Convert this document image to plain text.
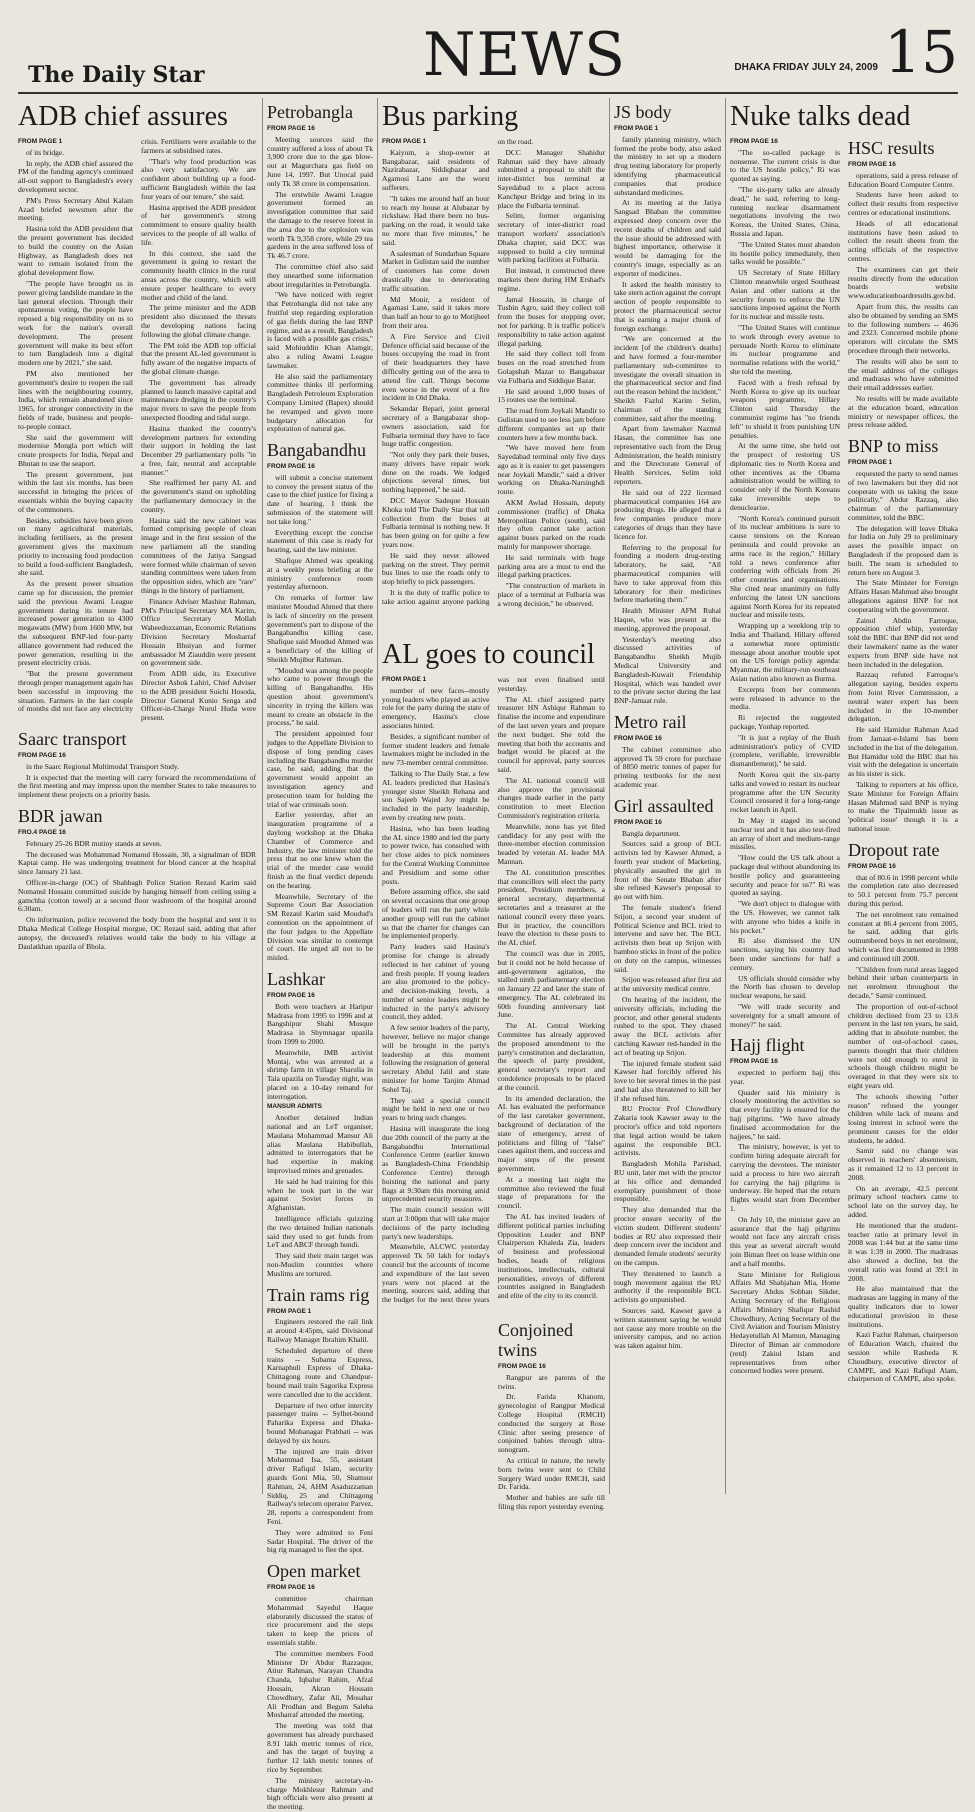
The Daily Star	NEWS	DHAKA FRIDAY JULY 24, 2009 15
ADB chief assures
FROM PAGE 1

of its bridge.

In reply, the ADB chief assured the PM of the funding agency's continued all-out support to Bangladesh's every development sector.

PM's Press Secretary Abul Kalam Azad briefed newsmen after the meeting.

Hasina told the ADB president that the present government has decided to build the country on the Asian Highway, as Bangladesh does not want to remain isolated from the global development flow.

"The people have brought us in power giving landslide mandate in the last general election. Through their spontaneous voting, the people have reposed a big responsibility on us to work for the nation's overall development. The present government will make its best effort to turn Bangladesh into a digital modern one by 2021," she said.

PM also mentioned her government's desire to reopen the rail lines with the neighbouring country, India, which remain abandoned since 1965, for stronger connectivity in the fields of trade, business and people-to-people contact.

She said the government will modernise Mongla port which will create prospects for India, Nepal and Bhutan to use the seaport.

The present government, just within the last six months, has been successful in bringing the prices of essentials within the buying capacity of the commoners.

Besides, subsidies have been given on many agricultural materials, including fertilisers, as the present government gives the maximum priority to increasing food production to build a food-sufficient Bangladesh, she said.

As the present power situation came up for discussion, the premier said the previous Awami League government during its tenure had increased power generation to 4300 megawatts (MW) from 1600 MW, but the subsequent BNP-led four-party alliance government had reduced the power generation, resulting in the present electricity crisis.

"But the present government through proper management again has been successful in improving the situation. Farmers in the last couple of months did not face any electricity crisis. Fertilisers were available to the farmers at subsidised rates.

"That's why food production was also very satisfactory. We are confident about building up a food-sufficient Bangladesh within the last four years of our tenure," she said.

Hasina apprised the ADB president of her government's strong commitment to ensure quality health services to the people of all walks of life.

In this context, she said the government is going to restart the community health clinics in the rural areas across the country, which will ensure proper healthcare to every mother and child of the land.

The prime minister and the ADB president also discussed the threats the developing nations facing following the global climate change.

The PM told the ADB top official that the present AL-led government is fully aware of the negative impacts of the global climate change.

The government has already planned to launch massive capital and maintenance dredging in the country's major rivers to save the people from unexpected flooding and tidal surge.

Hasina thanked the country's development partners for extending their support in holding the last December 29 parliamentary polls "in a free, fair, neutral and acceptable manner."

She reaffirmed her party AL and the government's stand on upholding the parliamentary democracy in the country.

Hasina said the new cabinet was formed comprising people of clean image and in the first session of the new parliament all the standing committees of the Jatiya Sangsad were formed while chairman of seven standing committees were taken from the opposition sides, which are "rare" things in the history of parliament.

Finance Adviser Mashiur Rahman, PM's Principal Secretary MA Karim, Office Secretary Mollah Waheeduzzaman, Economic Relations Division Secretary Mosharraf Hossain Bhuiyan and former ambassador M Ziauddin were present on government side.

From ADB side, its Executive Director Ashok Lahiri, Chief Adviser to the ADB president Suichi Hosoda, Director General Kunio Senga and Officer-in-Charge Nurul Huda were present.

Saarc transport
FROM PAGE 16

in the Saarc Regional Multimodal Transport Study.

It is expected that the meeting will carry forward the recommendations of the first meeting and may impress upon the member States to take measures to implement these projects on a priority basis.

BDR jawan
FRO.4 PAGE 16

February 25-26 BDR mutiny stands at seven.

The deceased was Mohammad Nomanul Hossain, 30, a signalman of BDR Kaptai camp. He was undergoing treatment for blood cancer at the hospital since January 21 last.

Officer-in-charge (OC) of Shahbagh Police Station Rezaul Karim said Nomanul Hossain committed suicide by hanging himself from ceiling using a gamchha (cotton towel) at a second floor washroom of the hospital around 6:30am.

On information, police recovered the body from the hospital and sent it to Dhaka Medical College Hospital morgue, OC Rezaul said, adding that after autopsy, the deceased's relatives would take the body to his village at Daulatkhan upazila of Bhola.

Petrobangla
FROM PAGE 16

Meeting sources said the country suffered a loss of about Tk 3,900 crore due to the gas blow-out at Magurchara gas field on June 14, 1997. But Unocal paid only Tk 38 crore in compensation.

The erstwhile Awami League government formed an investigation committee that said the damage to the reserve forest in the area due to the explosion was worth Tk 9,358 crore, while 29 tea gardens in the area suffered loss of Tk 46.7 crore.

The committee chief also said they unearthed some information about irregularities in Petrobangla.

"We have noticed with regret that Petrobangla did not take any fruitful step regarding exploration of gas fields during the last BNP regime, and as a result, Bangladesh is faced with a possible gas crisis," said Mohiuddin Khan Alamgir, also a ruling Awami League lawmaker.

He also said the parliamentary committee thinks ill performing Bangladesh Petroleum Exploration Company Limited (Bapex) should be revamped and given more budgetary allocation for exploration of natural gas.

Bangabandhu
FROM PAGE 16

will submit a concise statement to convey the present status of the case to the chief justice for fixing a date of hearing. I think the submission of the statement will not take long."

Everything except the concise statement of this case is ready for hearing, said the law minister.

Shafique Ahmed was speaking at a weekly press briefing at the ministry conference room yesterday afternoon.

On remarks of former law minister Moudud Ahmed that there is lack of sincerity on the present government's part to dispose of the Bangabandhu killing case, Shafique said Moudud Ahmed was a beneficiary of the killing of Sheikh Mujibur Rahman.

"Moudud was among the people who came to power through the killing of Bangabandhu. His question about government's sincerity in trying the killers was meant to create an obstacle in the process," he said.

The president appointed four judges to the Appellate Division to dispose of long pending cases including the Bangabandhu murder case, he said, adding that the government would appoint an investigation agency and prosecution team for holding the trial of war criminals soon.

Earlier yesterday, after an inauguration programme of a daylong workshop at the Dhaka Chamber of Commerce and Industry, the law minister told the press that no one knew when the trial of the murder case would finish as the final verdict depends on the hearing.

Meanwhile, Secretary of the Supreme Court Bar Association SM Rezaul Karim said Moudud's contention on the appointment of the four judges to the Appellate Division was similar to contempt of court. He urged all not to be misled.

Lashkar
FROM PAGE 16

Both were teachers at Haripur Madrasa from 1995 to 1996 and at Bangshipur Shahi Mosque Madrasa in Shymnagar upazila from 1999 to 2000.

Meanwhile, IMB activist Montaj, who was arrested at a shrimp farm in village Sharulia in Tala upazila on Tuesday night, was placed on a 10-day remand for interrogation.

MANSUR ADMITS

Another detained Indian national and an LeT organiser, Maulana Mohammad Mansur Ali alias Maulana Habibullah, admitted to interrogators that he had expertise in making improvised mines and grenades.

He said he had training for this when he took part in the war against Soviet forces in Afghanistan.

Intelligence officials quizzing the two detained Indian nationals said they used to get funds from LeT and ABCF through hundi.

They said their main target was non-Muslim countries where Muslims are tortured.

Train rams rig
FROM PAGE 1

Engineers restored the rail link at around 4:45pm, said Divisional Railway Manager Ibrahim Khalil.

Scheduled departure of three trains -- Subarna Express, Karnaphuli Express of Dhaka-Chittagong route and Chandpur-bound mail train Sagorika Express were cancelled due to the accident.

Departure of two other intercity passenger trains -- Sylhet-bound Paharika Express and Dhaka-bound Mohanagar Prabhati -- was delayed by six hours.

The injured are train driver Mohammad Isa, 55, assistant driver Rafiqul Islam, security guards Goni Mia, 50, Shamsur Rahman, 24, AHM Asaduzzaman Siddiq, 25 and Chittagong Railway's telecom operator Parvez, 28, reports a correspondent from Feni.

They were admitted to Feni Sadar Hospital. The driver of the big rig managed to flee the spot.

Open market
FROM PAGE 16

committee chairman Mohammad Sayedul Haque elaborately discussed the status of rice procurement and the steps taken to keep the prices of essentials stable.

The committee members Food Minister Dr Abdur Razzaque, Atiur Rahman, Narayan Chandra Chanda, Iqbalur Rahim, Afzal Hossain, Akran Hossain Chowdhury, Zafar Ali, Mosahar Ali Prodhan and Begum Saleha Mosharraf attended the meeting.

The meeting was told that government has already purchased 8.91 lakh metric tonnes of rice, and has the target of buying a further 12 lakh metric tonnes of rice by September.

The ministry secretary-in-charge Mokhlesur Rahman and high officials were also present at the meeting.

Bus parking
FROM PAGE 1

Kaiyum, a shop-owner at Bangabazar, said residents of Nazirabazar, Siddiqbazar and Agamosi Lane are the worst sufferers.

"It takes me around half an hour to reach my house at Alubazar by rickshaw. Had there been no bus-parking on the road, it would take no more than five minutes," he said.

A salesman of Sundarban Square Market in Gulistan said the number of customers has come down drastically due to deteriorating traffic situation.

Md Monir, a resident of Agamasi Lane, said it takes more than half an hour to go to Motijheel from their area.

A Fire Service and Civil Defence official said because of the buses occupying the road in front of their headquarters they have difficulty getting out of the area to attend fire call. Things become even worse in the event of a fire incident in Old Dhaka.

Sekandar Bepari, joint general secretary of a Bangabazar shop-owners association, said for Fulbaria terminal they have to face huge traffic congestion.

"Not only they park their buses, many drivers have repair work done on the roads. We lodged objections several times, but nothing happened," he said.

DCC Mayor Sadeque Hossain Khoka told The Daily Star that toll collection from the buses at Fulbaria terminal is nothing new. It has been going on for quite a few years now.

He said they never allowed parking on the street. They permit bus lines to use the roads only to stop briefly to pick passengers.

It is the duty of traffic police to take action against anyone parking on the road.

DCC Manager Shahidur Rahman said they have already submitted a proposal to shift the inter-district bus terminal at Sayedabad to a place across Kanchpur Bridge and bring in its place the Fulbaria terminal.

Selim, former organising secretary of inter-district road transport workers' association's Dhaka chapter, said DCC was supposed to build a city terminal with parking facilities at Fulbaria.

But instead, it constructed three markets there during HM Ershad's regime.

Jamal Hossain, in charge of Tushin Agro, said they collect toll from the buses for stopping over, not for parking. It is traffic police's responsibility to take action against illegal parking.

He said they collect toll from buses on the road stretched from Golapshah Mazar to Bangabazar via Fulbaria and Siddique Bazar.

He said around 1,000 buses of 15 routes use the terminal.

The road from Joykali Mandir to Gulistan used to see less jam before different companies set up their counters here a few months back.

"We have moved here from Sayedabad terminal only five days ago as it is easier to get passengers near Joykali Mandir," said a driver working on Dhaka-Narsinghdi route.

AKM Awlad Hossain, deputy commissioner (traffic) of Dhaka Metropolitan Police (south), said they often cannot take action against buses parked on the roads mainly for manpower shortage.

He said terminals with huge parking area are a must to end the illegal parking practices.

"The construction of markets in place of a terminal at Fulbaria was a wrong decision," he observed.

AL goes to council
FROM PAGE 1

number of new faces--mostly young leaders who played an active role for the party during the state of emergency, Hasina's close associates hinted.

Besides, a significant number of former student leaders and female lawmakers might be included in the new 73-member central committee.

Talking to The Daily Star, a few AL leaders predicted that Hasina's younger sister Sheikh Rehana and son Sajeeb Wajed Joy might be included in the party leadership, even by creating new posts.

Hasina, who has been leading the AL since 1980 and led the party to power twice, has consulted with her close aides to pick nominees for the Central Working Committee and Presidium and some other posts.

Before assuming office, she said on several occasions that one group of leaders will run the party while another group will run the cabinet so that the charter for changes can be implemented properly.

Party leaders said Hasina's promise for change is already reflected in her cabinet of young and fresh people. If young leaders are also promoted to the policy- and decision-making levels, a number of senior leaders might be inducted in the party's advisory council, they added.

A few senior leaders of the party, however, believe no major change will be brought in the party's leadership at this moment following the resignation of general secretary Abdul Jalil and state minister for home Tanjim Ahmad Sohel Taj.

They said a special council might be held in next one or two years to bring such changes.

Hasina will inaugurate the long due 20th council of the party at the Bangabandhu International Conference Centre (earlier known as Bangladesh-China Friendship Conference Centre) through hoisting the national and party flags at 9:30am this morning amid unprecedented security measures.

The main council session will start at 3:00pm that will take major decisions of the party including party's new leaderships.

Meanwhile, ALCWC yesterday approved Tk 50 lakh for today's council but the accounts of income and expenditure of the last seven years were not placed at the meeting, sources said, adding that the budget for the next three years was not even finalised until yesterday.

The AL chief assigned party treasurer HN Ashiqur Rahman to finalise the income and expenditure of the last seven years and prepare the next budget. She told the meeting that both the accounts and budget would be placed at the council for approval, party sources said.

The AL national council will also approve the provisional changes made earlier in the party constitution to meet Election Commission's registration criteria.

Meanwhile, none has yet filed candidacy for any post with the three-member election commission headed by veteran AL leader MA Mannan.

The AL constitution prescribes that councillors will elect the party president, Presidium members, a general secretary, departmental secretaries and a treasurer at the national council every three years. But in practice, the councillors leave the election to these posts to the AL chief.

The council was due in 2005, but it could not be held because of anti-government agitation, the stalled ninth parliamentary election on January 22 and later the state of emergency. The AL celebrated its 60th founding anniversary last June.

The AL Central Working Committee has already approved the proposed amendment to the party's constitution and declaration, the speech of party president, general secretary's report and condolence proposals to be placed at the council.

In its amended declaration, the AL has evaluated the performance of the last caretaker government, background of declaration of the state of emergency, arrest of politicians and filing of "false" cases against them, and success and major steps of the present government.

At a meeting last night the committee also reviewed the final stage of preparations for the council.

The AL has invited leaders of different political parties including Opposition Leader and BNP Chairperson Khaleda Zia, leaders of business and professional bodies, heads of religious institutions, intellectuals, cultural personalities, envoys of different countries assigned in Bangladesh and elite of the city to its council.

JS body
FROM PAGE 1

family planning ministry, which formed the probe body, also asked the ministry to set up a modern drug testing laboratory for properly identifying pharmaceutical companies that produce substandard medicines.

At its meeting at the Jatiya Sangsad Bhaban the committee expressed deep concern over the recent deaths of children and said the issue should be addressed with highest importance, otherwise it would be damaging for the country's image, especially as an exporter of medicines.

It asked the health ministry to take stern action against the corrupt section of people responsible to protect the pharmaceutical sector that is earning a major chunk of foreign exchange.

"We are concerned at the incident [of the children's deaths] and have formed a four-member parliamentary sub-committee to investigate the overall situation in the pharmaceutical sector and find out the reason behind the incident," Sheikh Fazlul Karim Selim, chairman of the standing committee, said after the meeting.

Apart from lawmaker Nazmul Hasan, the committee has one representative each from the Drug Administration, the health ministry and the Directorate General of Health Services, Selim told reporters.

He said out of 222 licensed pharmaceutical companies 164 are producing drugs. He alleged that a few companies produce more categories of drugs than they have licence for.

Referring to the proposal for founding a modern drug-testing laboratory, he said, "All pharmaceutical companies will have to take approval from this laboratory for their medicines before marketing them."

Health Minister AFM Ruhal Haque, who was present at the meeting, approved the proposal.

Yesterday's meeting also discussed activities of Bangabandhu Sheikh Mujib Medical University and Bangladesh-Kuwait Friendship Hospital, which was handed over to the private sector during the last BNP-Jamaat rule.

Metro rail
FROM PAGE 16

The cabinet committee also approved Tk 59 crore for purchase of 8850 metric tonnes of paper for printing textbooks for the next academic year.

Girl assaulted
FROM PAGE 16

Bangla department.

Sources said a group of BCL activists led by Kawser Ahmed, a fourth year student of Marketing, physically assaulted the girl in front of the Senate Bhaban after she refused Kawser's proposal to go out with him.

The female student's friend Srijon, a second year student of Political Science and BCL tried to intervene and save her. The BCL activists then beat up Srijon with bamboo sticks in front of the police on duty on the campus, witnesses said.

Srijon was released after first aid at the university medical centre.

On hearing of the incident, the university officials, including the proctor, and other general students rushed to the spot. They chased away the BCL activists after catching Kawser red-handed in the act of beating up Srijon.

The injured female student said Kawser had forcibly offered his love to her several times in the past and had also threatened to kill her if she refused him.

RU Proctor Prof Chowdhury Zakaria took Kawser away to the proctor's office and told reporters that legal action would be taken against the responsible BCL activists.

Bangladesh Mohila Parishad, RU unit, later met with the proctor at his office and demanded exemplary punishment of those responsible.

They also demanded that the proctor ensure security of the victim student. Different students' bodies at RU also expressed their deep concern over the incident and demanded female students' security on the campus.

They threatened to launch a tough movement against the RU authority if the responsible BCL activists go unpunished.

Sources said, Kawser gave a written statement saying he would not cause any more trouble on the university campus, and no action was taken against him.

Nuke talks dead
FROM PAGE 16

"The so-called package is nonsense. The current crisis is due to the US hostile policy," Ri was quoted as saying.

"The six-party talks are already dead," he said, referring to long-running nuclear disarmament negotiations involving the two Koreas, the United States, China, Russia and Japan.

"The United States must abandon its hostile policy immediately, then talks would be possible."

US Secretary of State Hillary Clinton meanwhile urged Southeast Asian and other nations at the security forum to enforce the UN sanctions imposed against the North for its nuclear and missile tests.

"The United States will continue to work through every avenue to persuade North Korea to eliminate its nuclear programme and normalise relations with the world," she told the meeting.

Faced with a fresh refusal by North Korea to give up its nuclear weapons programme, Hillary Clinton said Thursday the communist regime has "no friends left" to shield it from punishing UN penalties.

At the same time, she held out the prospect of restoring US diplomatic ties to North Korea and other incentives as the Obama administration would be willing to consider only if the North Koreans take irreversible steps to denuclearise.

"North Korea's continued pursuit of its nuclear ambitions is sure to cause tensions on the Korean peninsula and could provoke an arms race in the region," Hillary told a news conference after conferring with officials from 26 other countries and organisations. She cited near unanimity on fully enforcing the latest UN sanctions against North Korea for its repeated nuclear and missile tests.

Wrapping up a weeklong trip to India and Thailand, Hillary offered a somewhat more optimistic message about another trouble spot on the US foreign policy agenda: Myanmar, the military-run southeast Asian nation also known as Burma.

Excerpts from her comments were released in advance to the media.

Ri rejected the suggested package, Yonhap reported.

"It is just a replay of the Bush administration's policy of CVID (complete, verifiable, irreversible dismantlement)," he said.

North Korea quit the six-party talks and vowed to restart its nuclear programme after the UN Security Council censured it for a long-range rocket launch in April.

In May it staged its second nuclear test and it has also test-fired an array of short and medium-range missiles.

"How could the US talk about a package deal without abandoning its hostile policy and guaranteeing security and peace for us?" Ri was quoted as saying.

"We don't object to dialogue with the US. However, we cannot talk with anyone who hides a knife in his pocket."

Ri also dismissed the UN sanctions, saying his country had been under sanctions for half a century.

US officials should consider why the North has chosen to develop nuclear weapons, he said.

"We will trade security and sovereignty for a small amount of money?" he said.

Hajj flight
FROM PAGE 16

expected to perform hajj this year.

Quader said his ministry is closely monitoring the activities so that every facility is ensured for the hajj pilgrims. "We have already finalised accommodation for the hajjees," he said.

The ministry, however, is yet to confirm hiring adequate aircraft for carrying the devotees. The minister said a process to hire two aircraft for carrying the hajj pilgrims is underway. He hoped that the return flights would start from December 1.

On July 10, the minister gave an assurance that the hajj pilgrims would not face any aircraft crisis this year as several aircraft would join Biman fleet on lease within one and a half months.

State Minister for Religious Affairs Md Shahjahan Mia, Home Secretary Abdus Sobhan Sikder, Acting Secretary of the Religious Affairs Ministry Shafiqur Rashid Chowdhury, Acting Secretary of the Civil Aviation and Tourism Ministry Hedayetullah Al Mamun, Managing Director of Biman air commodore (retd) Zakiul Islam and representatives from other concerned bodies were present.

HSC results
FROM PAGE 16

operations, said a press release of Education Board Computer Centre.

Students have been asked to collect their results from respective centres or educational institutions.

Heads of all educational institutions have been asked to collect the result sheets from the acting officials of the respective centres.

The examinees can get their results directly from the education boards website www.educationboardresults.gov.bd.

Apart from this, the results can also be obtained by sending an SMS to the following numbers -- 4636 and 2323. Concerned mobile phone operators will circulate the SMS procedure through their networks.

The results will also be sent to the email address of the colleges and madrasas who have submitted their email addresses earlier.

No results will be made available at the education board, education ministry or newspaper offices, the press release added.

BNP to miss
FROM PAGE 1

requested the party to send names of two lawmakers but they did not cooperate with us taking the issue politically," Abdur Razzaq, also chairman of the parliamentary committee, told the BBC.

The delegation will leave Dhaka for India on July 29 to preliminary asses the possible impact on Bangladesh if the proposed dam is built. The team is scheduled to return here on August 3.

The State Minister for Foreign Affairs Hasan Mahmud also brought allegations against BNP for not cooperating with the government.

Zainul Abdin Farroque, opposition chief whip, yesterday told the BBC that BNP did not send their lawmakers' name as the water experts from BNP side have not been included in the delegation.

Razzaq refuted Farroque's allegation saying, besides experts from Joint River Commission, a neutral water expert has been included in the 10-member delegation.

He said Hamidur Rahman Azad from Jamaat-e-Islami has been included in the list of the delegation. But Hamidur told the BBC that his visit with the delegation is uncertain as his sister is sick.

Talking to reporters at his office, State Minister for Foreign Affairs Hasan Mahmud said BNP is trying to make the Tipaimukh issue as 'political issue' though it is a national issue.

Dropout rate
FROM PAGE 16

that of 80.6 in 1998 percent while the completion rate also decreased to 50.1 percent from 75.7 percent during this period.

The net enrolment rate remained constant at 86.4 percent from 2005, he said, adding that girls outnumbered boys in net enrolment, which was first documented in 1998 and continued till 2008.

"Children from rural areas lagged behind their urban counterparts in net enrolment throughout the decade," Samir continued.

The proportion of out-of-school children declined from 23 to 13.6 percent in the last ten years, he said, adding that in absolute number, the number of out-of-school cases, parents thought that their children were not old enough to enrol in schools though children might be overaged in that they were six to eight years old.

The schools showing "other reason" refused the younger children while lack of means and losing interest in school were the prominent causes for the elder students, he added.

Samir said no change was observed in teachers' absenteeism, as it remained 12 to 13 percent in 2008.

On an average, 42.5 percent primary school teachers came to school late on the survey day, he added.

He mentioned that the student-teacher ratio at primary level in 2008 was 1:44 but at the same time it was 1:39 in 2000. The madrasas also showed a decline, but the overall ratio was found at 39:1 in 2008.

He also maintained that the madrasas are lagging in many of the quality indicators due to lower educational provision in these institutions.

Kazi Fazlur Rahman, chairperson of Education Watch, chaired the session while Rasheda K Choudhury, executive director of CAMPE, and Kazi Rafiqul Alam, chairperson of CAMPE, also spoke.

Conjoined twins
FROM PAGE 16

Rangpur are parents of the twins.

Dr. Farida Khanom, gynecologist of Rangpur Medical College Hospital (RMCH) conducted the surgery at Rose Clinic after seeing presence of conjoined babies through ultra-sonogram.

As critical in nature, the newly born twins were sent to Child Surgery Ward under RMCH, said Dr. Farida.

Mother and babies are safe till filing this report yesterday evening.
